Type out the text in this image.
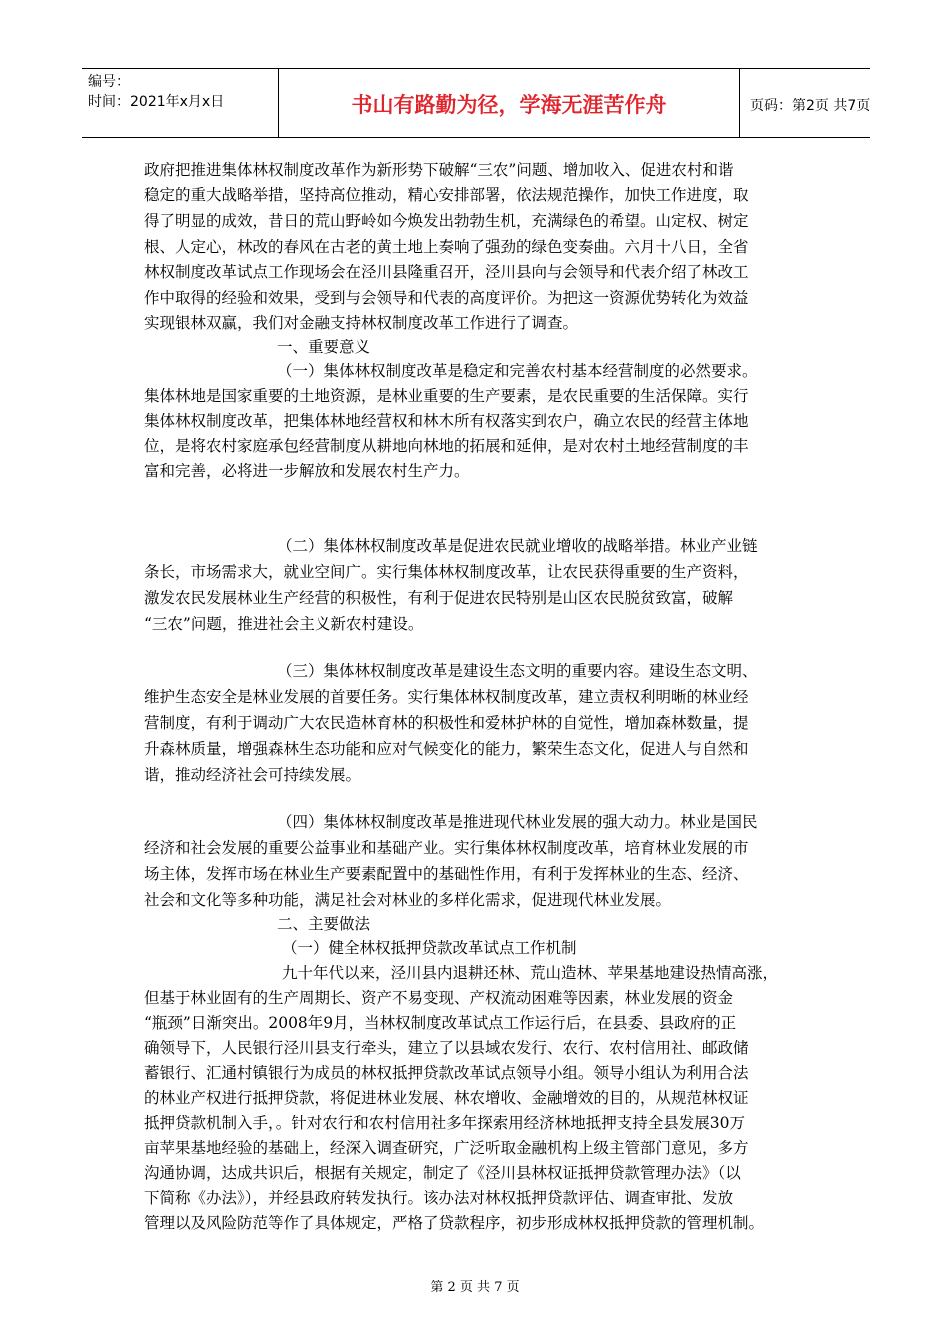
编号：
时间：2021年x月x日	书山有路勤为径，学海无涯苦作舟	页码：第2页 共7页
政府把推进集体林权制度改革作为新形势下破解“三农”问题、增加收入、促进农村和谐
稳定的重大战略举措，坚持高位推动，精心安排部署，依法规范操作，加快工作进度，取
得了明显的成效，昔日的荒山野岭如今焕发出勃勃生机，充满绿色的希望。山定权、树定
根、人定心，林改的春风在古老的黄土地上奏响了强劲的绿色变奏曲。六月十八日，全省
林权制度改革试点工作现场会在泾川县隆重召开，泾川县向与会领导和代表介绍了林改工
作中取得的经验和效果，受到与会领导和代表的高度评价。为把这一资源优势转化为效益
实现银林双赢，我们对金融支持林权制度改革工作进行了调查。
一、重要意义
（一）集体林权制度改革是稳定和完善农村基本经营制度的必然要求。
集体林地是国家重要的土地资源，是林业重要的生产要素，是农民重要的生活保障。实行
集体林权制度改革，把集体林地经营权和林木所有权落实到农户，确立农民的经营主体地
位，是将农村家庭承包经营制度从耕地向林地的拓展和延伸，是对农村土地经营制度的丰
富和完善，必将进一步解放和发展农村生产力。
（二）集体林权制度改革是促进农民就业增收的战略举措。林业产业链
条长，市场需求大，就业空间广。实行集体林权制度改革，让农民获得重要的生产资料，
激发农民发展林业生产经营的积极性，有利于促进农民特别是山区农民脱贫致富，破解
“三农”问题，推进社会主义新农村建设。
（三）集体林权制度改革是建设生态文明的重要内容。建设生态文明、
维护生态安全是林业发展的首要任务。实行集体林权制度改革，建立责权利明晰的林业经
营制度，有利于调动广大农民造林育林的积极性和爱林护林的自觉性，增加森林数量，提
升森林质量，增强森林生态功能和应对气候变化的能力，繁荣生态文化，促进人与自然和
谐，推动经济社会可持续发展。
（四）集体林权制度改革是推进现代林业发展的强大动力。林业是国民
经济和社会发展的重要公益事业和基础产业。实行集体林权制度改革，培育林业发展的市
场主体，发挥市场在林业生产要素配置中的基础性作用，有利于发挥林业的生态、经济、
社会和文化等多种功能，满足社会对林业的多样化需求，促进现代林业发展。
二、主要做法
（一）健全林权抵押贷款改革试点工作机制
九十年代以来，泾川县内退耕还林、荒山造林、苹果基地建设热情高涨，
但基于林业固有的生产周期长、资产不易变现、产权流动困难等因素，林业发展的资金
“瓶颈”日渐突出。2008年9月，当林权制度改革试点工作运行后，在县委、县政府的正
确领导下，人民银行泾川县支行牵头，建立了以县域农发行、农行、农村信用社、邮政储
蓄银行、汇通村镇银行为成员的林权抵押贷款改革试点领导小组。领导小组认为利用合法
的林业产权进行抵押贷款，将促进林业发展、林农增收、金融增效的目的，从规范林权证
抵押贷款机制入手，。针对农行和农村信用社多年探索用经济林地抵押支持全县发展30万
亩苹果基地经验的基础上，经深入调查研究，广泛听取金融机构上级主管部门意见，多方
沟通协调，达成共识后，根据有关规定，制定了《泾川县林权证抵押贷款管理办法》（以
下简称《办法》），并经县政府转发执行。该办法对林权抵押贷款评估、调查审批、发放
管理以及风险防范等作了具体规定，严格了贷款程序，初步形成林权抵押贷款的管理机制。
第 2 页 共 7 页
